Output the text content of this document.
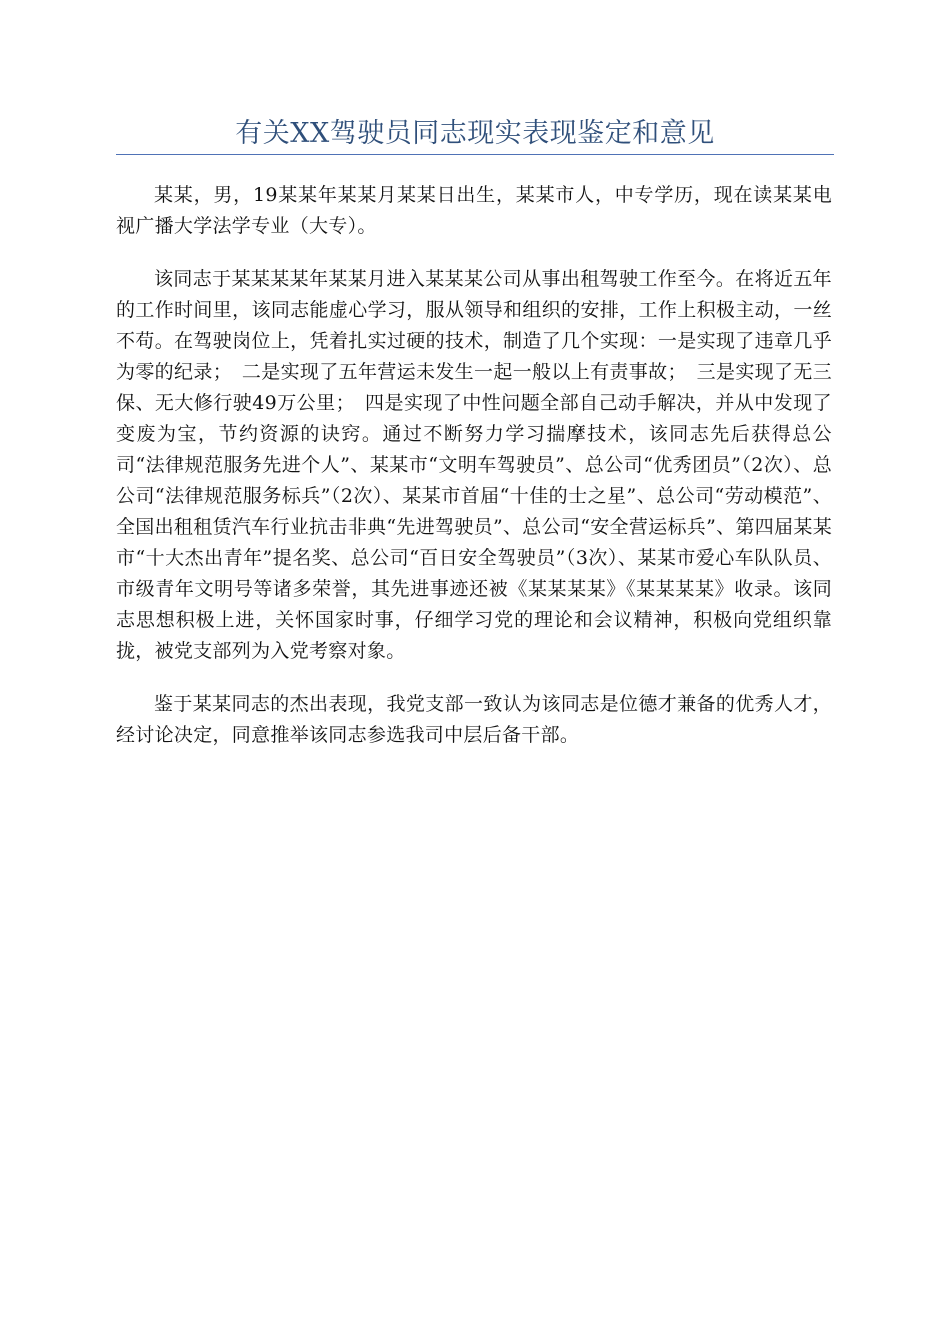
有关XX驾驶员同志现实表现鉴定和意见

某某，男，19某某年某某月某某日出生，某某市人，中专学历，现在读某某电视广播大学法学专业（大专）。

该同志于某某某某年某某月进入某某某公司从事出租驾驶工作至今。在将近五年的工作时间里，该同志能虚心学习，服从领导和组织的安排，工作上积极主动，一丝不苟。在驾驶岗位上，凭着扎实过硬的技术，制造了几个实现：一是实现了违章几乎为零的纪录；　二是实现了五年营运未发生一起一般以上有责事故；　三是实现了无三保、无大修行驶49万公里；　四是实现了中性问题全部自己动手解决，并从中发现了变废为宝，节约资源的诀窍。通过不断努力学习揣摩技术，该同志先后获得总公司“法律规范服务先进个人”、某某市“文明车驾驶员”、总公司“优秀团员”（2次）、总公司“法律规范服务标兵”（2次）、某某市首届“十佳的士之星”、总公司“劳动模范”、全国出租租赁汽车行业抗击非典“先进驾驶员”、总公司“安全营运标兵”、第四届某某市“十大杰出青年”提名奖、总公司“百日安全驾驶员”（3次）、某某市爱心车队队员、市级青年文明号等诸多荣誉，其先进事迹还被《某某某某》《某某某某》收录。该同志思想积极上进，关怀国家时事，仔细学习党的理论和会议精神，积极向党组织靠拢，被党支部列为入党考察对象。

鉴于某某同志的杰出表现，我党支部一致认为该同志是位德才兼备的优秀人才，经讨论决定，同意推举该同志参选我司中层后备干部。
